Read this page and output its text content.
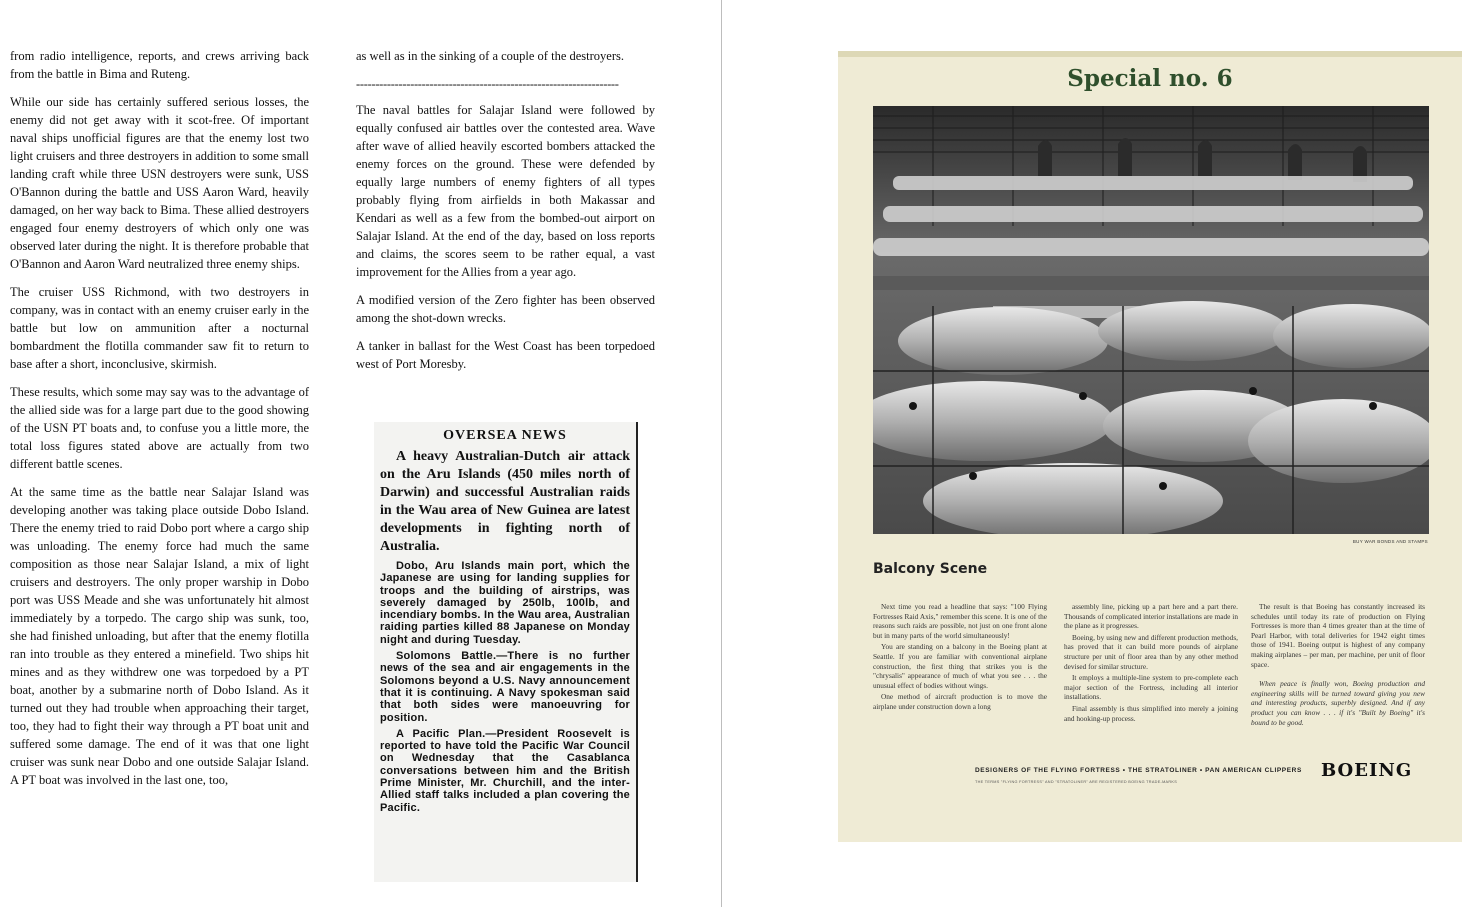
from radio intelligence, reports, and crews arriving back from the battle in Bima and Ruteng.

While our side has certainly suffered serious losses, the enemy did not get away with it scot-free. Of important naval ships unofficial figures are that the enemy lost two light cruisers and three destroyers in addition to some small landing craft while three USN destroyers were sunk, USS O'Bannon during the battle and USS Aaron Ward, heavily damaged, on her way back to Bima. These allied destroyers engaged four enemy destroyers of which only one was observed later during the night. It is therefore probable that O'Bannon and Aaron Ward neutralized three enemy ships.

The cruiser USS Richmond, with two destroyers in company, was in contact with an enemy cruiser early in the battle but low on ammunition after a nocturnal bombardment the flotilla commander saw fit to return to base after a short, inconclusive, skirmish.

These results, which some may say was to the advantage of the allied side was for a large part due to the good showing of the USN PT boats and, to confuse you a little more, the total loss figures stated above are actually from two different battle scenes.

At the same time as the battle near Salajar Island was developing another was taking place outside Dobo Island. There the enemy tried to raid Dobo port where a cargo ship was unloading. The enemy force had much the same composition as those near Salajar Island, a mix of light cruisers and destroyers. The only proper warship in Dobo port was USS Meade and she was unfortunately hit almost immediately by a torpedo. The cargo ship was sunk, too, she had finished unloading, but after that the enemy flotilla ran into trouble as they entered a minefield. Two ships hit mines and as they withdrew one was torpedoed by a PT boat, another by a submarine north of Dobo Island. As it turned out they had trouble when approaching their target, too, they had to fight their way through a PT boat unit and suffered some damage. The end of it was that one light cruiser was sunk near Dobo and one outside Salajar Island. A PT boat was involved in the last one, too,

as well as in the sinking of a couple of the destroyers.

--------------------------------------------------------------------

The naval battles for Salajar Island were followed by equally confused air battles over the contested area. Wave after wave of allied heavily escorted bombers attacked the enemy forces on the ground. These were defended by equally large numbers of enemy fighters of all types probably flying from airfields in both Makassar and Kendari as well as a few from the bombed-out airport on Salajar Island. At the end of the day, based on loss reports and claims, the scores seem to be rather equal, a vast improvement for the Allies from a year ago.

A modified version of the Zero fighter has been observed among the shot-down wrecks.

A tanker in ballast for the West Coast has been torpedoed west of Port Moresby.

OVERSEA NEWS
A heavy Australian-Dutch air attack on the Aru Islands (450 miles north of Darwin) and successful Australian raids in the Wau area of New Guinea are latest developments in fighting north of Australia.
Dobo, Aru Islands main port, which the Japanese are using for landing supplies for troops and the building of airstrips, was severely damaged by 250lb, 100lb, and incendiary bombs. In the Wau area, Australian raiding parties killed 88 Japanese on Monday night and during Tuesday.
Solomons Battle.—There is no further news of the sea and air engagements in the Solomons beyond a U.S. Navy announcement that it is continuing. A Navy spokesman said that both sides were manoeuvring for position.
A Pacific Plan.—President Roosevelt is reported to have told the Pacific War Council on Wednesday that the Casablanca conversations between him and the British Prime Minister, Mr. Churchill, and the inter-Allied staff talks included a plan covering the Pacific.
Special no. 6
BUY WAR BONDS AND STAMPS
Balcony Scene

Next time you read a headline that says: "100 Flying Fortresses Raid Axis," remember this scene. It is one of the reasons such raids are possible, not just on one front alone but in many parts of the world simultaneously!

You are standing on a balcony in the Boeing plant at Seattle. If you are familiar with conventional airplane construction, the first thing that strikes you is the "chrysalis" appearance of much of what you see . . . the unusual effect of bodies without wings.

One method of aircraft production is to move the airplane under construction down a long

assembly line, picking up a part here and a part there. Thousands of complicated interior installations are made in the plane as it progresses.

Boeing, by using new and different production methods, has proved that it can build more pounds of airplane structure per unit of floor area than by any other method devised for similar structure.

It employs a multiple-line system to pre-complete each major section of the Fortress, including all interior installations.

Final assembly is thus simplified into merely a joining and hooking-up process.

The result is that Boeing has constantly increased its schedules until today its rate of production on Flying Fortresses is more than 4 times greater than at the time of Pearl Harbor, with total deliveries for 1942 eight times those of 1941. Boeing output is highest of any company making airplanes – per man, per machine, per unit of floor space.

When peace is finally won, Boeing production and engineering skills will be turned toward giving you new and interesting products, superbly designed. And if any product you can know . . . if it's "Built by Boeing" it's bound to be good.

DESIGNERS OF THE FLYING FORTRESS • THE STRATOLINER • PAN AMERICAN CLIPPERS
THE TERMS "FLYING FORTRESS" AND "STRATOLINER" ARE REGISTERED BOEING TRADE-MARKS
BOEING
